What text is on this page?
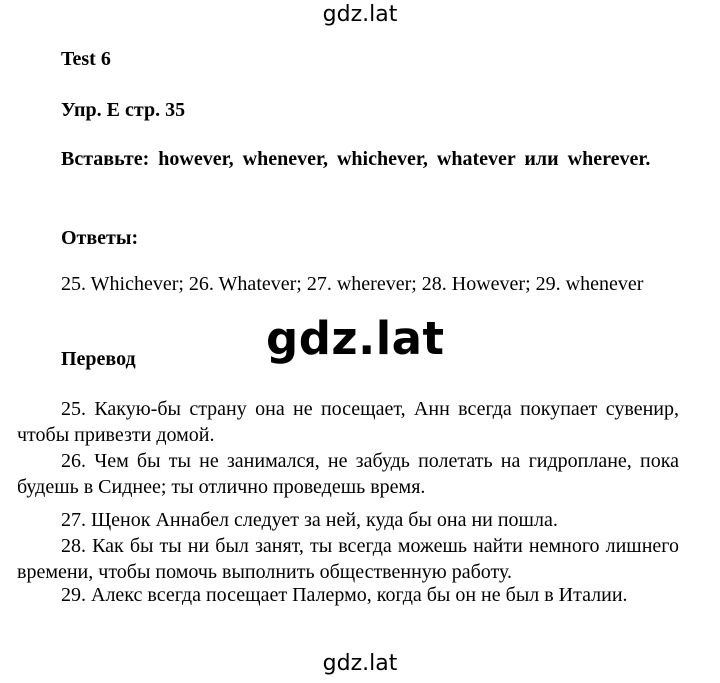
gdz.lat

Test 6

Упр. E стр. 35

Вставьте: however, whenever, whichever, whatever или wherever.

Ответы:

25. Whichever; 26. Whatever; 27. wherever; 28. However; 29. whenever

Перевод	gdz.lat

25. Какую-бы страну она не посещает, Анн всегда покупает сувенир, чтобы привезти домой.

26. Чем бы ты не занимался, не забудь полетать на гидроплане, пока будешь в Сиднее; ты отлично проведешь время.

27. Щенок Аннабел следует за ней, куда бы она ни пошла.

28. Как бы ты ни был занят, ты всегда можешь найти немного лишнего времени, чтобы помочь выполнить общественную работу.

29. Алекс всегда посещает Палермо, когда бы он не был в Италии.

gdz.lat
